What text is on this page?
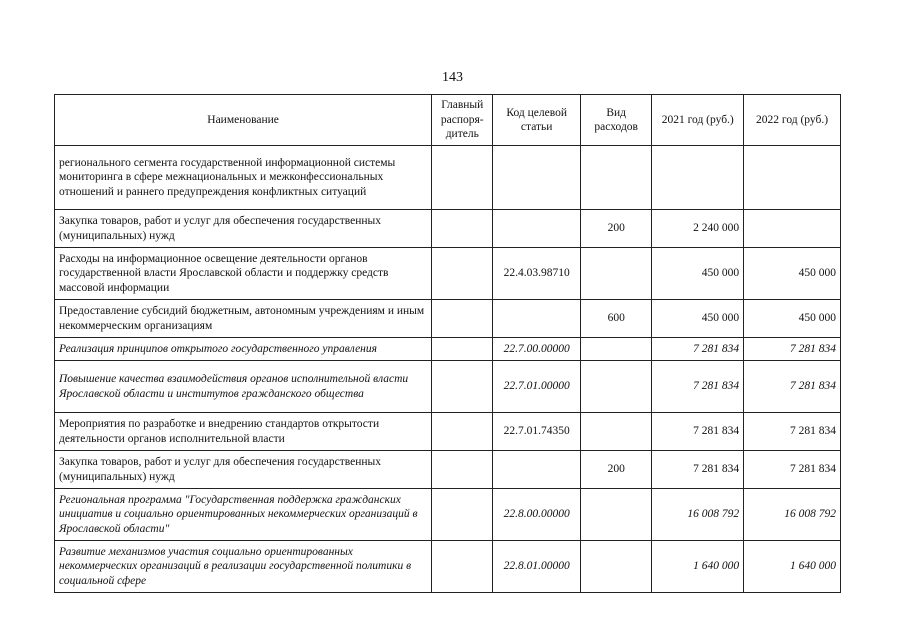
143
Наименование	Главный распоря-дитель	Код целевой статьи	Вид расходов	2021 год (руб.)	2022 год (руб.)
регионального сегмента государственной информационной системы мониторинга в сфере межнациональных и межконфессиональных отношений и раннего предупреждения конфликтных ситуаций					
Закупка товаров, работ и услуг для обеспечения государственных (муниципальных) нужд			200	2 240 000	
Расходы на информационное освещение деятельности органов государственной власти Ярославской области и поддержку средств массовой информации		22.4.03.98710		450 000	450 000
Предоставление субсидий бюджетным, автономным учреждениям и иным некоммерческим организациям			600	450 000	450 000
Реализация принципов открытого государственного управления		22.7.00.00000		7 281 834	7 281 834
Повышение качества взаимодействия органов исполнительной власти Ярославской области и институтов гражданского общества		22.7.01.00000		7 281 834	7 281 834
Мероприятия по разработке и внедрению стандартов открытости деятельности органов исполнительной власти		22.7.01.74350		7 281 834	7 281 834
Закупка товаров, работ и услуг для обеспечения государственных (муниципальных) нужд			200	7 281 834	7 281 834
Региональная программа "Государственная поддержка гражданских инициатив и социально ориентированных некоммерческих организаций в Ярославской области"		22.8.00.00000		16 008 792	16 008 792
Развитие механизмов участия социально ориентированных некоммерческих организаций в реализации государственной политики в социальной сфере		22.8.01.00000		1 640 000	1 640 000
